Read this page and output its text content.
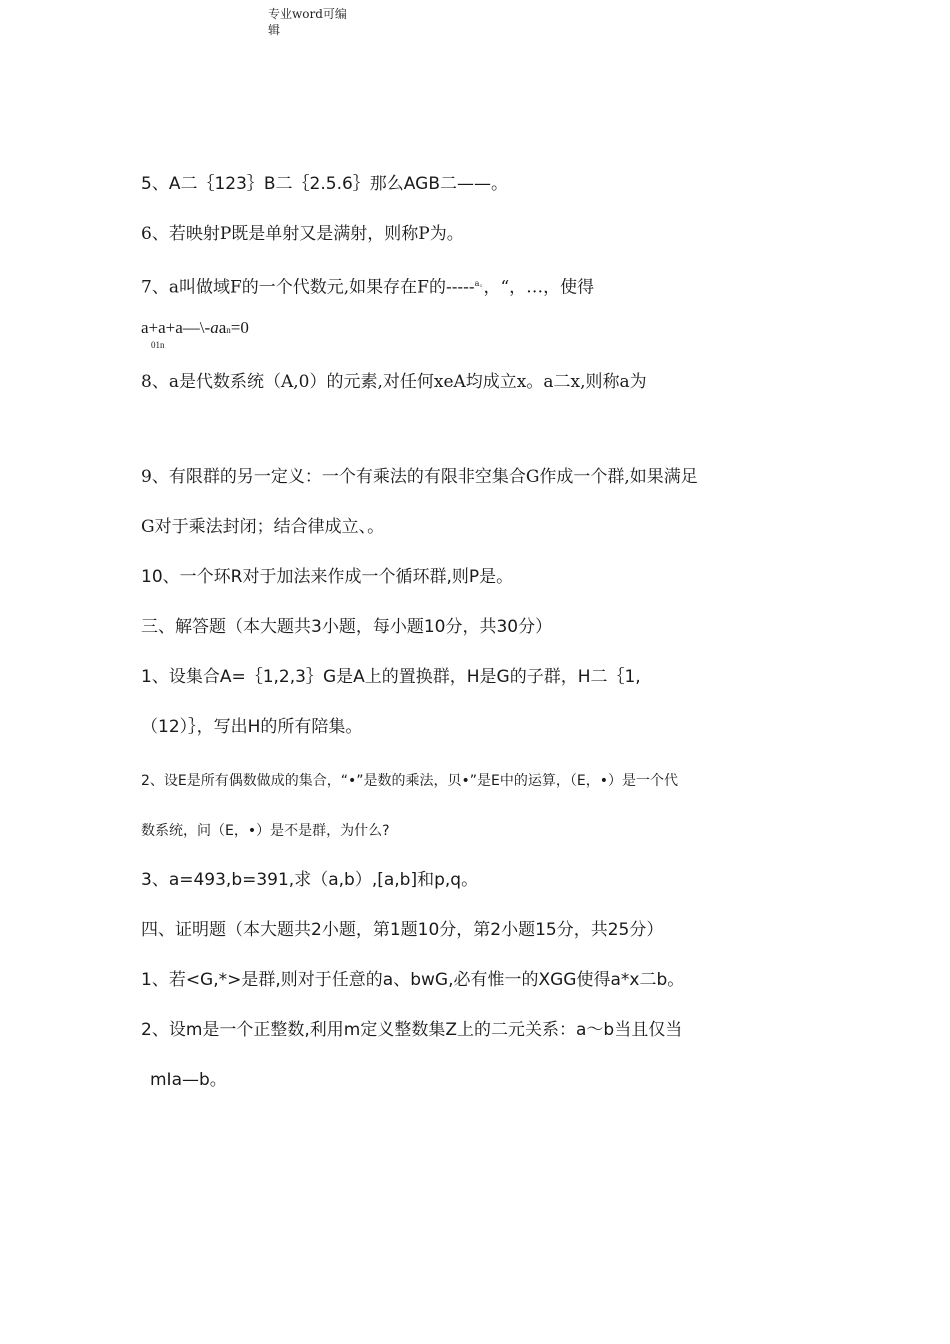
专业word可编
辑
5、A二｛123｝B二｛2.5.6｝那么AGB二——。
6、若映射P既是单射又是满射，则称P为。
7、a叫做域F的一个代数元,如果存在F的-----$^{a。}$，“，…，使得
a+a+a—\-aan=0
01n
8、a是代数系统（A,0）的元素,对任何xeA均成立x。a二x,则称a为
9、有限群的另一定义：一个有乘法的有限非空集合G作成一个群,如果满足
G对于乘法封闭；结合律成立、。
10、一个环R对于加法来作成一个循环群,则P是。
三、解答题（本大题共3小题，每小题10分，共30分）
1、设集合A=｛1,2,3｝G是A上的置换群，H是G的子群，H二｛1,
（12）｝，写出H的所有陪集。
2、设E是所有偶数做成的集合，“•”是数的乘法，贝•”是E中的运算，（E，•）是一个代
数系统，问（E，•）是不是群，为什么?
3、a=493,b=391,求（a,b）,[a,b]和p,q。
四、证明题（本大题共2小题，第1题10分，第2小题15分，共25分）
1、若<G,*>是群,则对于任意的a、bwG,必有惟一的XGG使得a*x二b。
2、设m是一个正整数,利用m定义整数集Z上的二元关系：a〜b当且仅当
mIa—b。
